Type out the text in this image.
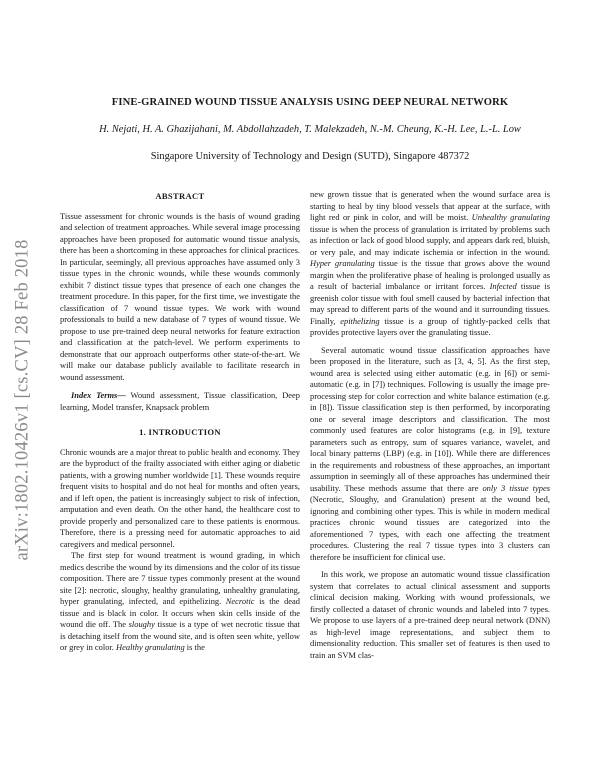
arXiv:1802.10426v1 [cs.CV] 28 Feb 2018
FINE-GRAINED WOUND TISSUE ANALYSIS USING DEEP NEURAL NETWORK
H. Nejati, H. A. Ghazijahani, M. Abdollahzadeh, T. Malekzadeh, N.-M. Cheung, K.-H. Lee, L.-L. Low
Singapore University of Technology and Design (SUTD), Singapore 487372
ABSTRACT

Tissue assessment for chronic wounds is the basis of wound grading and selection of treatment approaches. While several image processing approaches have been proposed for automatic wound tissue analysis, there has been a shortcoming in these approaches for clinical practices. In particular, seemingly, all previous approaches have assumed only 3 tissue types in the chronic wounds, while these wounds commonly exhibit 7 distinct tissue types that presence of each one changes the treatment procedure. In this paper, for the first time, we investigate the classification of 7 wound tissue types. We work with wound professionals to build a new database of 7 types of wound tissue. We propose to use pre-trained deep neural networks for feature extraction and classification at the patch-level. We perform experiments to demonstrate that our approach outperforms other state-of-the-art. We will make our database publicly available to facilitate research in wound assessment.

Index Terms— Wound assessment, Tissue classification, Deep learning, Model transfer, Knapsack problem

1. INTRODUCTION

Chronic wounds are a major threat to public health and economy. They are the byproduct of the frailty associated with either aging or diabetic patients, with a growing number worldwide [1]. These wounds require frequent visits to hospital and do not heal for months and often years, and if left open, the patient is increasingly subject to risk of infection, amputation and even death. On the other hand, the healthcare cost to provide properly and personalized care to these patients is enormous. Therefore, there is a pressing need for automatic approaches to aid caregivers and medical personnel.

The first step for wound treatment is wound grading, in which medics describe the wound by its dimensions and the color of its tissue composition. There are 7 tissue types commonly present at the wound site [2]: necrotic, sloughy, healthy granulating, unhealthy granulating, hyper granulating, infected, and epithelizing. Necrotic is the dead tissue and is black in color. It occurs when skin cells inside of the wound die off. The sloughy tissue is a type of wet necrotic tissue that is detaching itself from the wound site, and is often seen white, yellow or grey in color. Healthy granulating is the

new grown tissue that is generated when the wound surface area is starting to heal by tiny blood vessels that appear at the surface, with light red or pink in color, and will be moist. Unhealthy granulating tissue is when the process of granulation is irritated by problems such as infection or lack of good blood supply, and appears dark red, bluish, or very pale, and may indicate ischemia or infection in the wound. Hyper granulating tissue is the tissue that grows above the wound margin when the proliferative phase of healing is prolonged usually as a result of bacterial imbalance or irritant forces. Infected tissue is greenish color tissue with foul smell caused by bacterial infection that may spread to different parts of the wound and it surrounding tissues. Finally, epithelizing tissue is a group of tightly-packed cells that provides protective layers over the granulating tissue.

Several automatic wound tissue classification approaches have been proposed in the literature, such as [3, 4, 5]. As the first step, wound area is selected using either automatic (e.g. in [6]) or semi-automatic (e.g. in [7]) techniques. Following is usually the image pre-processing step for color correction and white balance estimation (e.g. in [8]). Tissue classification step is then performed, by incorporating one or several image descriptors and classification. The most commonly used features are color histograms (e.g. in [9], texture parameters such as entropy, sum of squares variance, wavelet, and local binary patterns (LBP) (e.g. in [10]). While there are differences in the requirements and robustness of these approaches, an important assumption in seemingly all of these approaches has undermined their usability. These methods assume that there are only 3 tissue types (Necrotic, Sloughy, and Granulation) present at the wound bed, ignoring and combining other types. This is while in modern medical practices chronic wound tissues are categorized into the aforementioned 7 types, with each one affecting the treatment procedures. Clustering the real 7 tissue types into 3 clusters can therefore be insufficient for clinical use.

In this work, we propose an automatic wound tissue classification system that correlates to actual clinical assessment and supports clinical decision making. Working with wound professionals, we firstly collected a dataset of chronic wounds and labeled into 7 types. We propose to use layers of a pre-trained deep neural network (DNN) as high-level image representations, and subject them to dimensionality reduction. This smaller set of features is then used to train an SVM clas-
